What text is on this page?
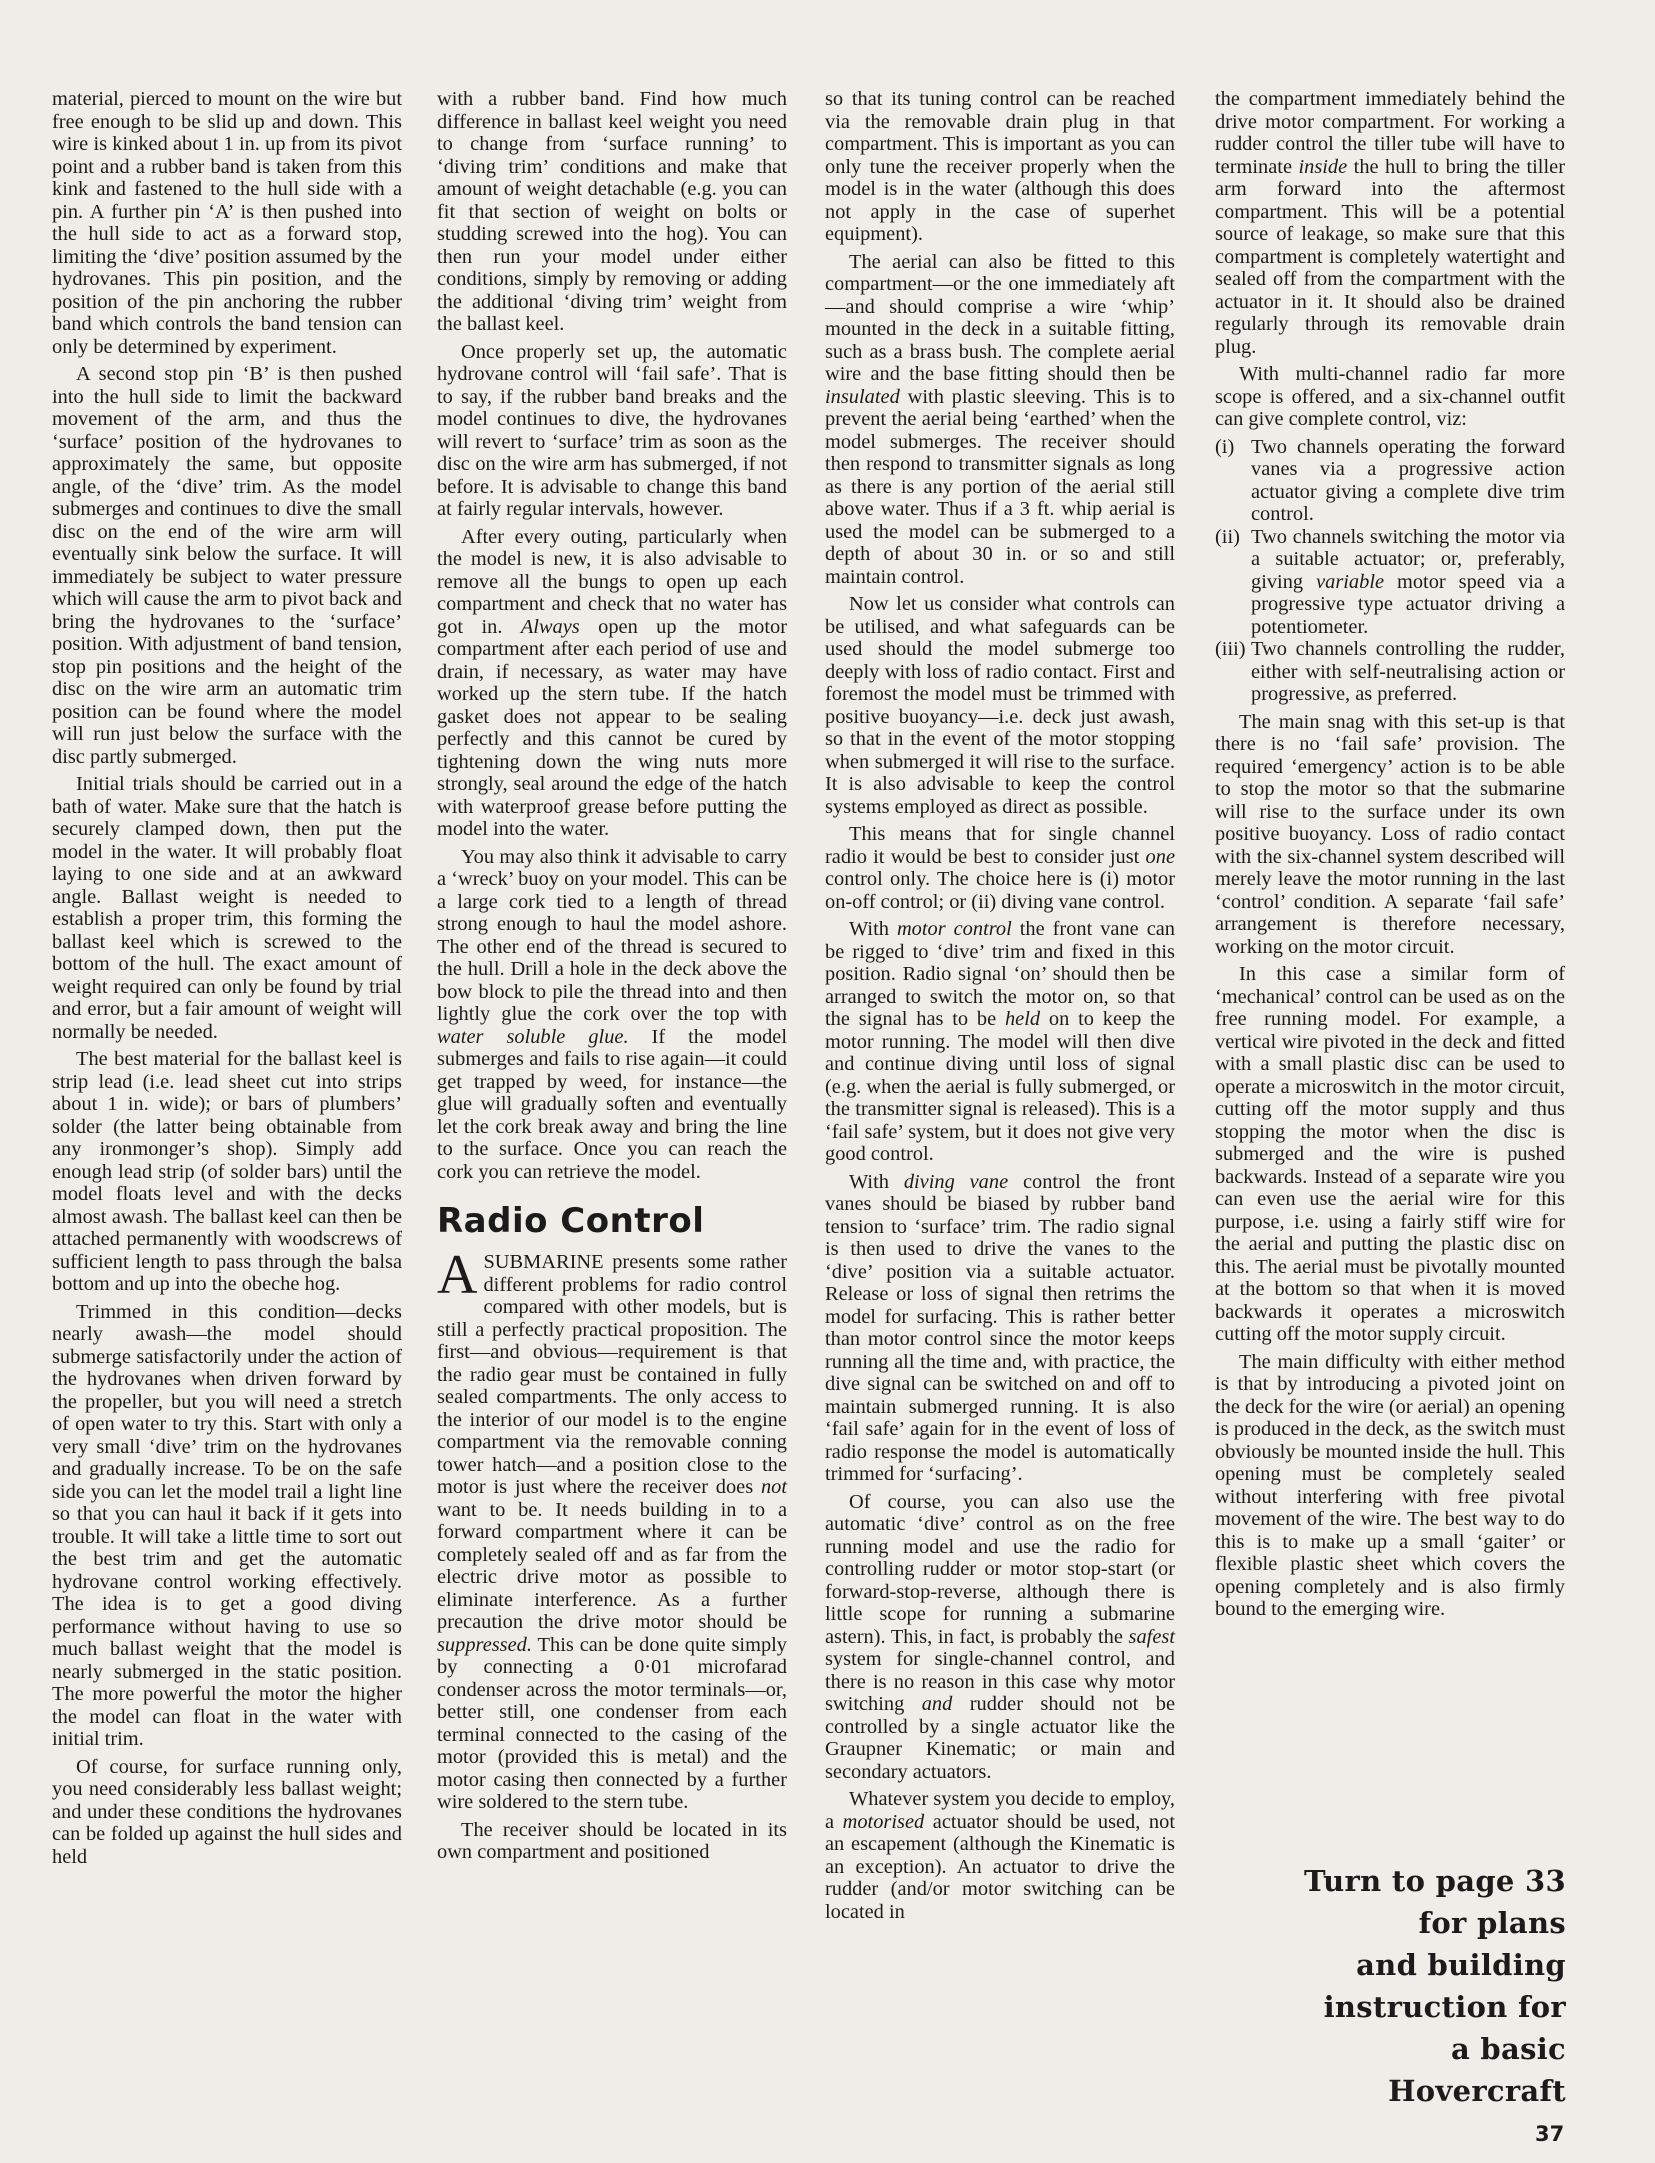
material, pierced to mount on the wire but free enough to be slid up and down. This wire is kinked about 1 in. up from its pivot point and a rubber band is taken from this kink and fastened to the hull side with a pin. A further pin ‘A’ is then pushed into the hull side to act as a forward stop, limiting the ‘dive’ position assumed by the hydrovanes. This pin position, and the position of the pin anchoring the rubber band which controls the band tension can only be determined by experiment.

A second stop pin ‘B’ is then pushed into the hull side to limit the backward movement of the arm, and thus the ‘surface’ position of the hydrovanes to approximately the same, but opposite angle, of the ‘dive’ trim. As the model submerges and continues to dive the small disc on the end of the wire arm will eventually sink below the surface. It will immediately be subject to water pressure which will cause the arm to pivot back and bring the hydrovanes to the ‘surface’ position. With adjustment of band tension, stop pin positions and the height of the disc on the wire arm an automatic trim position can be found where the model will run just below the surface with the disc partly submerged.

Initial trials should be carried out in a bath of water. Make sure that the hatch is securely clamped down, then put the model in the water. It will probably float laying to one side and at an awkward angle. Ballast weight is needed to establish a proper trim, this forming the ballast keel which is screwed to the bottom of the hull. The exact amount of weight required can only be found by trial and error, but a fair amount of weight will normally be needed.

The best material for the ballast keel is strip lead (i.e. lead sheet cut into strips about 1 in. wide); or bars of plumbers’ solder (the latter being obtainable from any ironmonger’s shop). Simply add enough lead strip (of solder bars) until the model floats level and with the decks almost awash. The ballast keel can then be attached permanently with woodscrews of sufficient length to pass through the balsa bottom and up into the obeche hog.

Trimmed in this condition—decks nearly awash—the model should submerge satisfactorily under the action of the hydrovanes when driven forward by the propeller, but you will need a stretch of open water to try this. Start with only a very small ‘dive’ trim on the hydrovanes and gradually increase. To be on the safe side you can let the model trail a light line so that you can haul it back if it gets into trouble. It will take a little time to sort out the best trim and get the automatic hydrovane control working effectively. The idea is to get a good diving performance without having to use so much ballast weight that the model is nearly submerged in the static position. The more powerful the motor the higher the model can float in the water with initial trim.

Of course, for surface running only, you need considerably less ballast weight; and under these conditions the hydrovanes can be folded up against the hull sides and held

with a rubber band. Find how much difference in ballast keel weight you need to change from ‘surface running’ to ‘diving trim’ conditions and make that amount of weight detachable (e.g. you can fit that section of weight on bolts or studding screwed into the hog). You can then run your model under either conditions, simply by removing or adding the additional ‘diving trim’ weight from the ballast keel.

Once properly set up, the automatic hydrovane control will ‘fail safe’. That is to say, if the rubber band breaks and the model continues to dive, the hydrovanes will revert to ‘surface’ trim as soon as the disc on the wire arm has submerged, if not before. It is advisable to change this band at fairly regular intervals, however.

After every outing, particularly when the model is new, it is also advisable to remove all the bungs to open up each compartment and check that no water has got in. Always open up the motor compartment after each period of use and drain, if necessary, as water may have worked up the stern tube. If the hatch gasket does not appear to be sealing perfectly and this cannot be cured by tightening down the wing nuts more strongly, seal around the edge of the hatch with waterproof grease before putting the model into the water.

You may also think it advisable to carry a ‘wreck’ buoy on your model. This can be a large cork tied to a length of thread strong enough to haul the model ashore. The other end of the thread is secured to the hull. Drill a hole in the deck above the bow block to pile the thread into and then lightly glue the cork over the top with water soluble glue. If the model submerges and fails to rise again—it could get trapped by weed, for instance—the glue will gradually soften and eventually let the cork break away and bring the line to the surface. Once you can reach the cork you can retrieve the model.

Radio Control

A SUBMARINE presents some rather different problems for radio control compared with other models, but is still a perfectly practical proposition. The first—and obvious—requirement is that the radio gear must be contained in fully sealed compartments. The only access to the interior of our model is to the engine compartment via the removable conning tower hatch—and a position close to the motor is just where the receiver does not want to be. It needs building in to a forward compartment where it can be completely sealed off and as far from the electric drive motor as possible to eliminate interference. As a further precaution the drive motor should be suppressed. This can be done quite simply by connecting a 0·01 microfarad condenser across the motor terminals—or, better still, one condenser from each terminal connected to the casing of the motor (provided this is metal) and the motor casing then connected by a further wire soldered to the stern tube.

The receiver should be located in its own compartment and positioned

so that its tuning control can be reached via the removable drain plug in that compartment. This is important as you can only tune the receiver properly when the model is in the water (although this does not apply in the case of superhet equipment).

The aerial can also be fitted to this compartment—or the one immediately aft—and should comprise a wire ‘whip’ mounted in the deck in a suitable fitting, such as a brass bush. The complete aerial wire and the base fitting should then be insulated with plastic sleeving. This is to prevent the aerial being ‘earthed’ when the model submerges. The receiver should then respond to transmitter signals as long as there is any portion of the aerial still above water. Thus if a 3 ft. whip aerial is used the model can be submerged to a depth of about 30 in. or so and still maintain control.

Now let us consider what controls can be utilised, and what safeguards can be used should the model submerge too deeply with loss of radio contact. First and foremost the model must be trimmed with positive buoyancy—i.e. deck just awash, so that in the event of the motor stopping when submerged it will rise to the surface. It is also advisable to keep the control systems employed as direct as possible.

This means that for single channel radio it would be best to consider just one control only. The choice here is (i) motor on-off control; or (ii) diving vane control.

With motor control the front vane can be rigged to ‘dive’ trim and fixed in this position. Radio signal ‘on’ should then be arranged to switch the motor on, so that the signal has to be held on to keep the motor running. The model will then dive and continue diving until loss of signal (e.g. when the aerial is fully submerged, or the transmitter signal is released). This is a ‘fail safe’ system, but it does not give very good control.

With diving vane control the front vanes should be biased by rubber band tension to ‘surface’ trim. The radio signal is then used to drive the vanes to the ‘dive’ position via a suitable actuator. Release or loss of signal then retrims the model for surfacing. This is rather better than motor control since the motor keeps running all the time and, with practice, the dive signal can be switched on and off to maintain submerged running. It is also ‘fail safe’ again for in the event of loss of radio response the model is automatically trimmed for ‘surfacing’.

Of course, you can also use the automatic ‘dive’ control as on the free running model and use the radio for controlling rudder or motor stop-start (or forward-stop-reverse, although there is little scope for running a submarine astern). This, in fact, is probably the safest system for single-channel control, and there is no reason in this case why motor switching and rudder should not be controlled by a single actuator like the Graupner Kinematic; or main and secondary actuators.

Whatever system you decide to employ, a motorised actuator should be used, not an escapement (although the Kinematic is an exception). An actuator to drive the rudder (and/or motor switching can be located in

the compartment immediately behind the drive motor compartment. For working a rudder control the tiller tube will have to terminate inside the hull to bring the tiller arm forward into the aftermost compartment. This will be a potential source of leakage, so make sure that this compartment is completely watertight and sealed off from the compartment with the actuator in it. It should also be drained regularly through its removable drain plug.

With multi-channel radio far more scope is offered, and a six-channel outfit can give complete control, viz:

(i) Two channels operating the forward vanes via a progressive action actuator giving a complete dive trim control.
(ii) Two channels switching the motor via a suitable actuator; or, preferably, giving variable motor speed via a progressive type actuator driving a potentiometer.
(iii) Two channels controlling the rudder, either with self-neutralising action or progressive, as preferred.

The main snag with this set-up is that there is no ‘fail safe’ provision. The required ‘emergency’ action is to be able to stop the motor so that the submarine will rise to the surface under its own positive buoyancy. Loss of radio contact with the six-channel system described will merely leave the motor running in the last ‘control’ condition. A separate ‘fail safe’ arrangement is therefore necessary, working on the motor circuit.

In this case a similar form of ‘mechanical’ control can be used as on the free running model. For example, a vertical wire pivoted in the deck and fitted with a small plastic disc can be used to operate a microswitch in the motor circuit, cutting off the motor supply and thus stopping the motor when the disc is submerged and the wire is pushed backwards. Instead of a separate wire you can even use the aerial wire for this purpose, i.e. using a fairly stiff wire for the aerial and putting the plastic disc on this. The aerial must be pivotally mounted at the bottom so that when it is moved backwards it operates a microswitch cutting off the motor supply circuit.

The main difficulty with either method is that by introducing a pivoted joint on the deck for the wire (or aerial) an opening is produced in the deck, as the switch must obviously be mounted inside the hull. This opening must be completely sealed without interfering with free pivotal movement of the wire. The best way to do this is to make up a small ‘gaiter’ or flexible plastic sheet which covers the opening completely and is also firmly bound to the emerging wire.

Turn to page 33
for plans
and building
instruction for
a basic
Hovercraft
37
